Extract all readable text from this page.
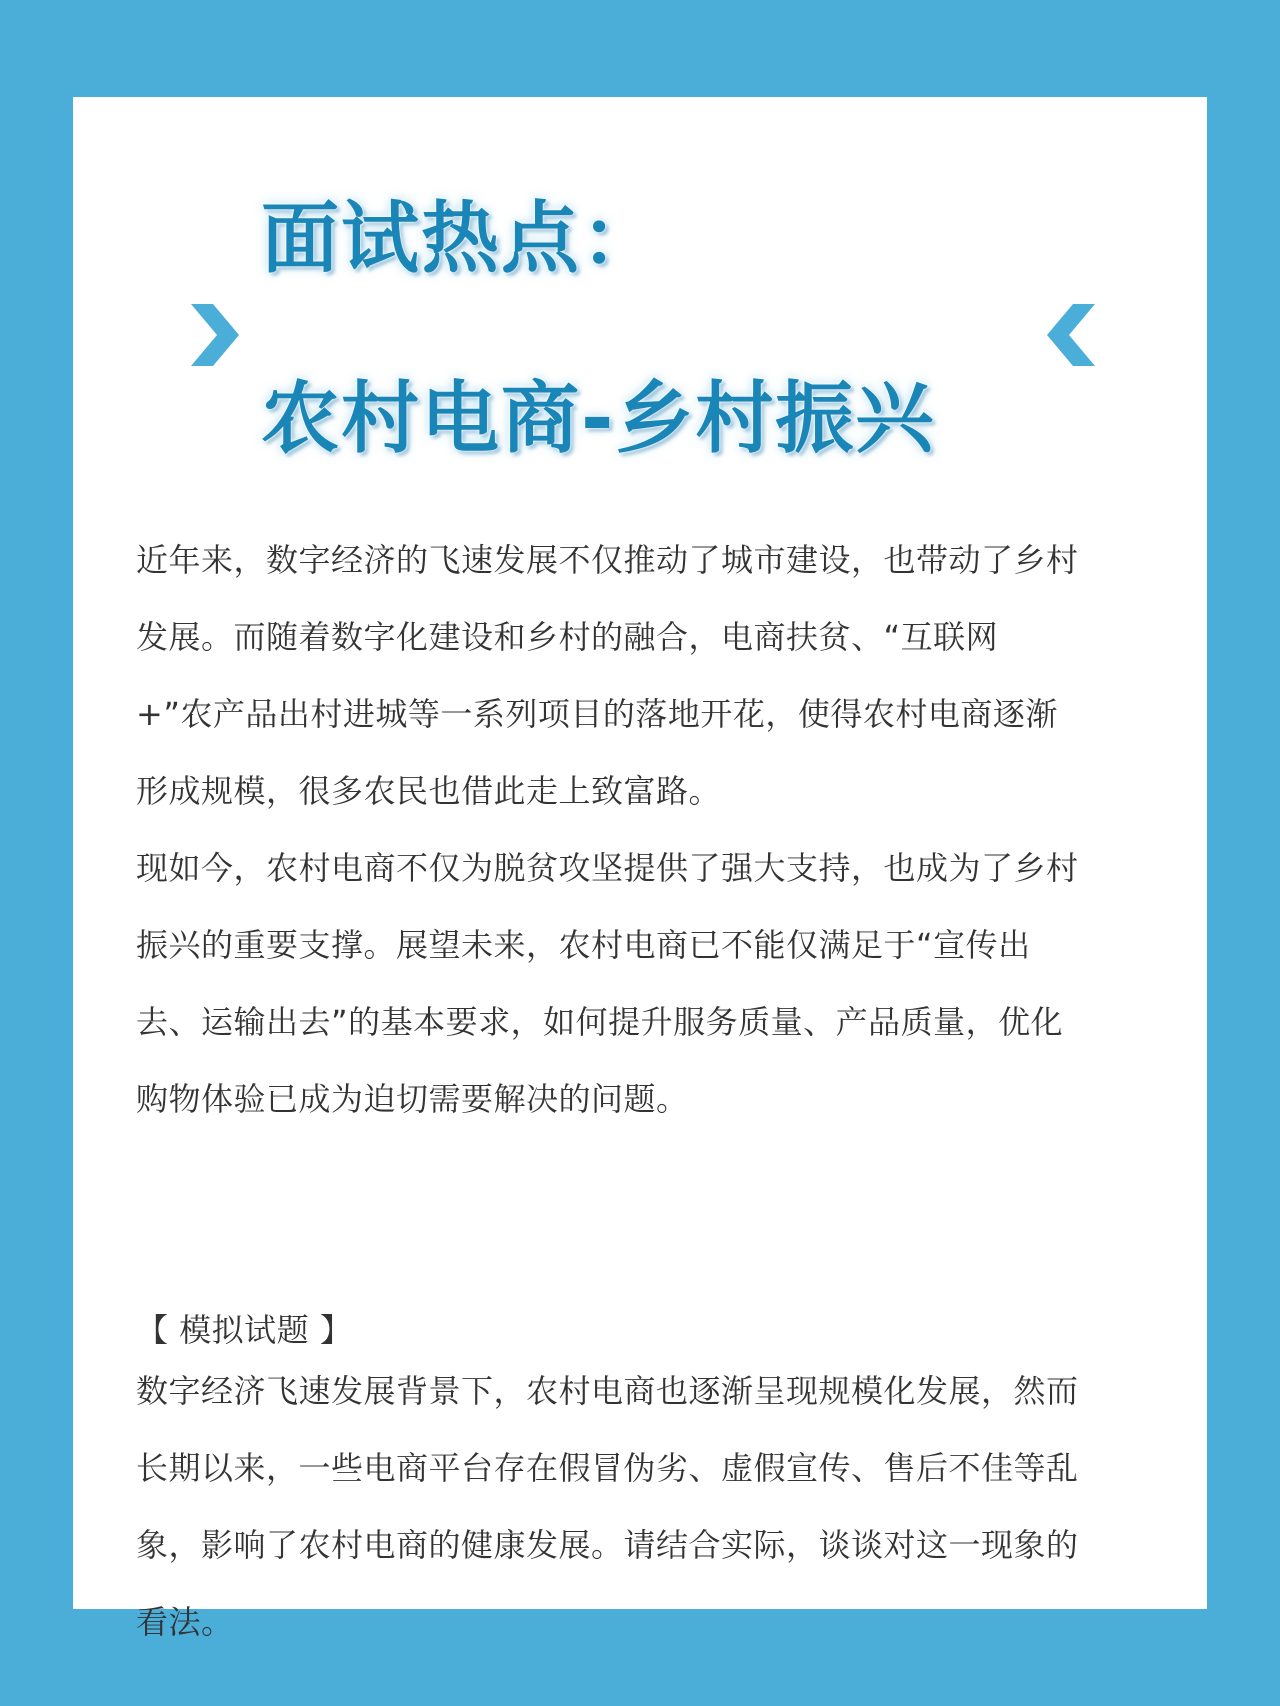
面试热点：
农村电商-乡村振兴

近年来，数字经济的飞速发展不仅推动了城市建设，也带动了乡村

发展。而随着数字化建设和乡村的融合，电商扶贫、“互联网

+”农产品出村进城等一系列项目的落地开花，使得农村电商逐渐

形成规模，很多农民也借此走上致富路。

现如今，农村电商不仅为脱贫攻坚提供了强大支持，也成为了乡村

振兴的重要支撑。展望未来，农村电商已不能仅满足于“宣传出

去、运输出去”的基本要求，如何提升服务质量、产品质量，优化

购物体验已成为迫切需要解决的问题。

【 模拟试题 】

数字经济飞速发展背景下，农村电商也逐渐呈现规模化发展，然而

长期以来，一些电商平台存在假冒伪劣、虚假宣传、售后不佳等乱

象，影响了农村电商的健康发展。请结合实际，谈谈对这一现象的

看法。
